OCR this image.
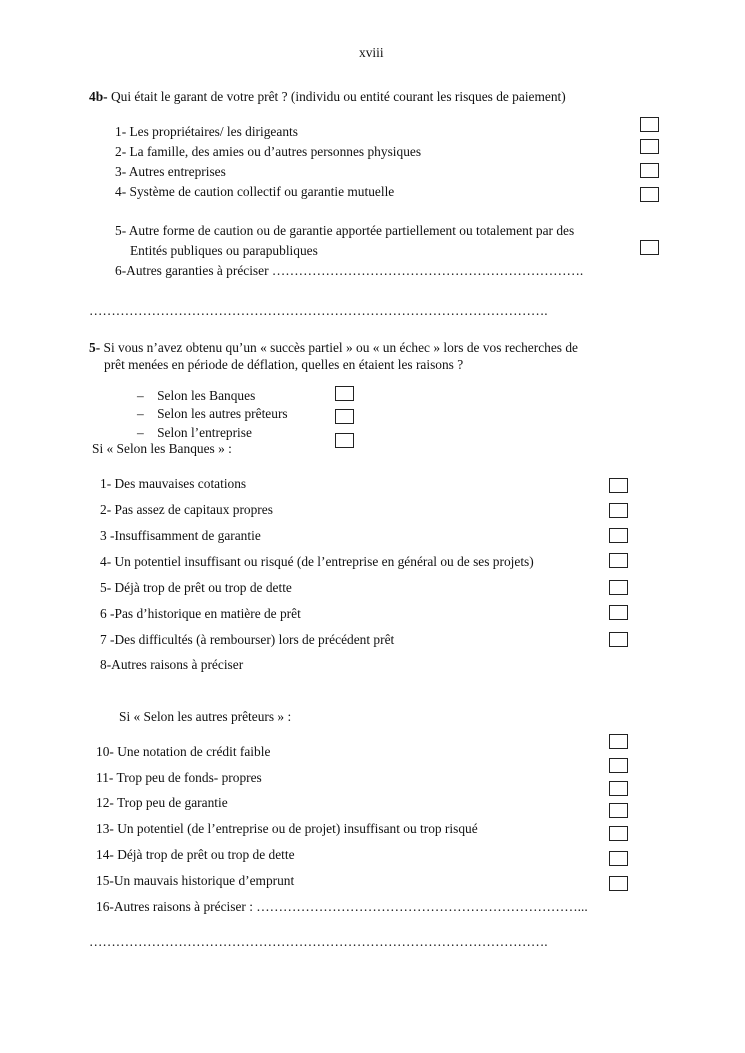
xviii
4b- Qui était le garant de votre prêt ? (individu ou entité courant les risques de paiement)
1- Les propriétaires/ les dirigeants
2- La famille, des amies ou d’autres personnes physiques
3- Autres entreprises
4- Système de caution collectif ou garantie mutuelle
5- Autre forme de caution ou de garantie apportée partiellement ou totalement par des
Entités publiques ou parapubliques
6-Autres garanties à préciser …………………………………………………………….
………………………………………………………………………………………….
5- Si vous n’avez obtenu qu’un « succès partiel » ou « un échec » lors de vos recherches de
prêt menées en période de déflation, quelles en étaient les raisons ?
– Selon les Banques
– Selon les autres prêteurs
– Selon l’entreprise
Si « Selon les Banques » :
1- Des mauvaises cotations
2- Pas assez de capitaux propres
3 -Insuffisamment de garantie
4- Un potentiel insuffisant ou risqué (de l’entreprise en général ou de ses projets)
5- Déjà trop de prêt ou trop de dette
6 -Pas d’historique en matière de prêt
7 -Des difficultés (à rembourser) lors de précédent prêt
8-Autres raisons à préciser
Si « Selon les autres prêteurs » :
10- Une notation de crédit faible
11- Trop peu de fonds- propres
12- Trop peu de garantie
13- Un potentiel (de l’entreprise ou de projet) insuffisant ou trop risqué
14- Déjà trop de prêt ou trop de dette
15-Un mauvais historique d’emprunt
16-Autres raisons à préciser : ………………………………………………………………...
………………………………………………………………………………………….
